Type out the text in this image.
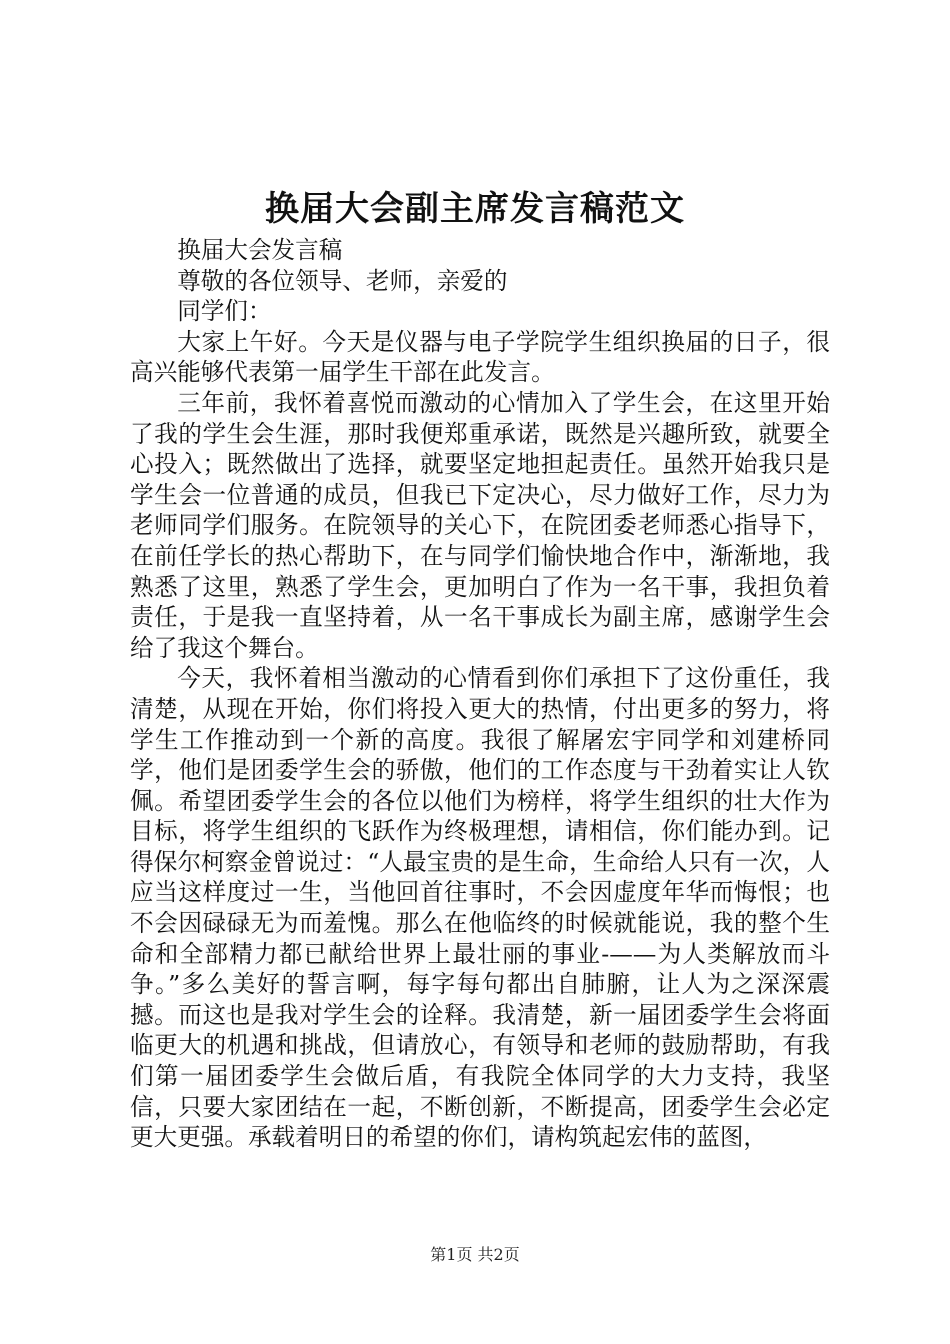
换届大会副主席发言稿范文

换届大会发言稿

尊敬的各位领导、老师，亲爱的

同学们：

大家上午好。今天是仪器与电子学院学生组织换届的日子，很高兴能够代表第一届学生干部在此发言。

三年前，我怀着喜悦而激动的心情加入了学生会，在这里开始了我的学生会生涯，那时我便郑重承诺，既然是兴趣所致，就要全心投入；既然做出了选择，就要坚定地担起责任。虽然开始我只是学生会一位普通的成员，但我已下定决心，尽力做好工作，尽力为老师同学们服务。在院领导的关心下，在院团委老师悉心指导下，在前任学长的热心帮助下，在与同学们愉快地合作中，渐渐地，我熟悉了这里，熟悉了学生会，更加明白了作为一名干事，我担负着责任，于是我一直坚持着，从一名干事成长为副主席，感谢学生会给了我这个舞台。

今天，我怀着相当激动的心情看到你们承担下了这份重任，我清楚，从现在开始，你们将投入更大的热情，付出更多的努力，将学生工作推动到一个新的高度。我很了解屠宏宇同学和刘建桥同学，他们是团委学生会的骄傲，他们的工作态度与干劲着实让人钦佩。希望团委学生会的各位以他们为榜样，将学生组织的壮大作为目标，将学生组织的飞跃作为终极理想，请相信，你们能办到。记得保尔柯察金曾说过：“人最宝贵的是生命，生命给人只有一次，人应当这样度过一生，当他回首往事时，不会因虚度年华而悔恨；也不会因碌碌无为而羞愧。那么在他临终的时候就能说，我的整个生命和全部精力都已献给世界上最壮丽的事业-——为人类解放而斗争。”多么美好的誓言啊，每字每句都出自肺腑，让人为之深深震撼。而这也是我对学生会的诠释。我清楚，新一届团委学生会将面临更大的机遇和挑战，但请放心，有领导和老师的鼓励帮助，有我们第一届团委学生会做后盾，有我院全体同学的大力支持，我坚信，只要大家团结在一起，不断创新，不断提高，团委学生会必定更大更强。承载着明日的希望的你们，请构筑起宏伟的蓝图，

第1页 共2页
